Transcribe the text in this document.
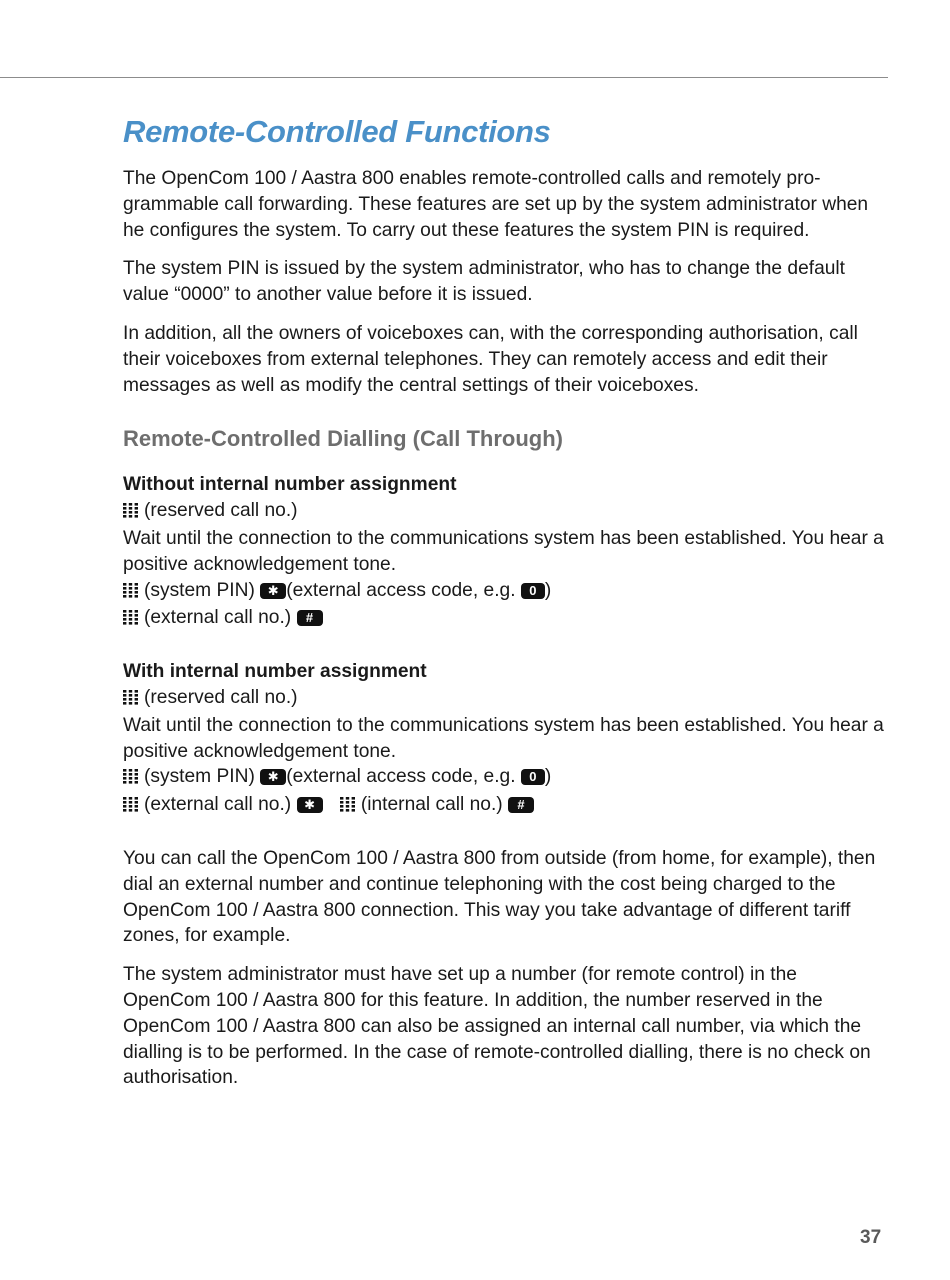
Remote-Controlled Functions

The OpenCom 100 / Aastra 800 enables remote-controlled calls and remotely programmable call forwarding. These features are set up by the system administrator when he configures the system. To carry out these features the system PIN is required.

The system PIN is issued by the system administrator, who has to change the default value “0000” to another value before it is issued.

In addition, all the owners of voiceboxes can, with the corresponding authorisation, call their voiceboxes from external telephones. They can remotely access and edit their messages as well as modify the central settings of their voiceboxes.

Remote-Controlled Dialling (Call Through)

Without internal number assignment

(reserved call no.)

Wait until the connection to the communications system has been established. You hear a positive acknowledgement tone.

(system PIN) ✱ (external access code, e.g. 0 )

(external call no.) #

With internal number assignment

(reserved call no.)

Wait until the connection to the communications system has been established. You hear a positive acknowledgement tone.

(system PIN) ✱ (external access code, e.g. 0 )

(external call no.) ✱ (internal call no.) #

You can call the OpenCom 100 / Aastra 800 from outside (from home, for example), then dial an external number and continue telephoning with the cost being charged to the OpenCom 100 / Aastra 800 connection. This way you take advantage of different tariff zones, for example.

The system administrator must have set up a number (for remote control) in the OpenCom 100 / Aastra 800 for this feature. In addition, the number reserved in the OpenCom 100 / Aastra 800 can also be assigned an internal call number, via which the dialling is to be performed. In the case of remote-controlled dialling, there is no check on authorisation.

37
